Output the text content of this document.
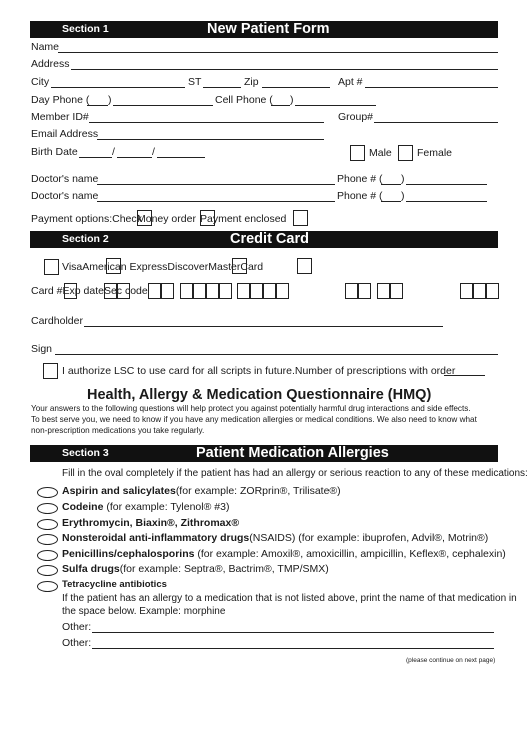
Section 1	New Patient Form
Name
Address
City	ST	Zip	Apt #
Day Phone ( )	Cell Phone ( )
Member ID#	Group#
Email Address
Birth Date	/	/	Male Female
Doctor's name	Phone # ( )
Doctor's name	Phone # ( )
Payment options:Check
Money order Payment enclosed
Section 2	Credit Card
VisaAmerican ExpressDiscoverMasterCard
Card #Exp dateSec code
Cardholder
Sign
I authorize LSC to use card for all scripts in future.Number of prescriptions with order
Health, Allergy & Medication Questionnaire (HMQ)
Your answers to the following questions will help protect you against potentially harmful drug interactions and side effects.
To best serve you, we need to know if you have any medication allergies or medical conditions. We also need to know what
non-prescription medications you take regularly.
Section 3	Patient Medication Allergies
Fill in the oval completely if the patient has had an allergy or serious reaction to any of these medications:
Aspirin and salicylates(for example: ZORprin®, Trilisate®)
Codeine (for example: Tylenol® #3)
Erythromycin, Biaxin®, Zithromax®
Nonsteroidal anti-inflammatory drugs(NSAIDS) (for example: ibuprofen, Advil®, Motrin®)
Penicillins/cephalosporins (for example: Amoxil®, amoxicillin, ampicillin, Keflex®, cephalexin)
Sulfa drugs(for example: Septra®, Bactrim®, TMP/SMX)
Tetracycline antibiotics
If the patient has an allergy to a medication that is not listed above, print the name of that medication in
the space below. Example: morphine
Other:
Other:
(please continue on next page)
